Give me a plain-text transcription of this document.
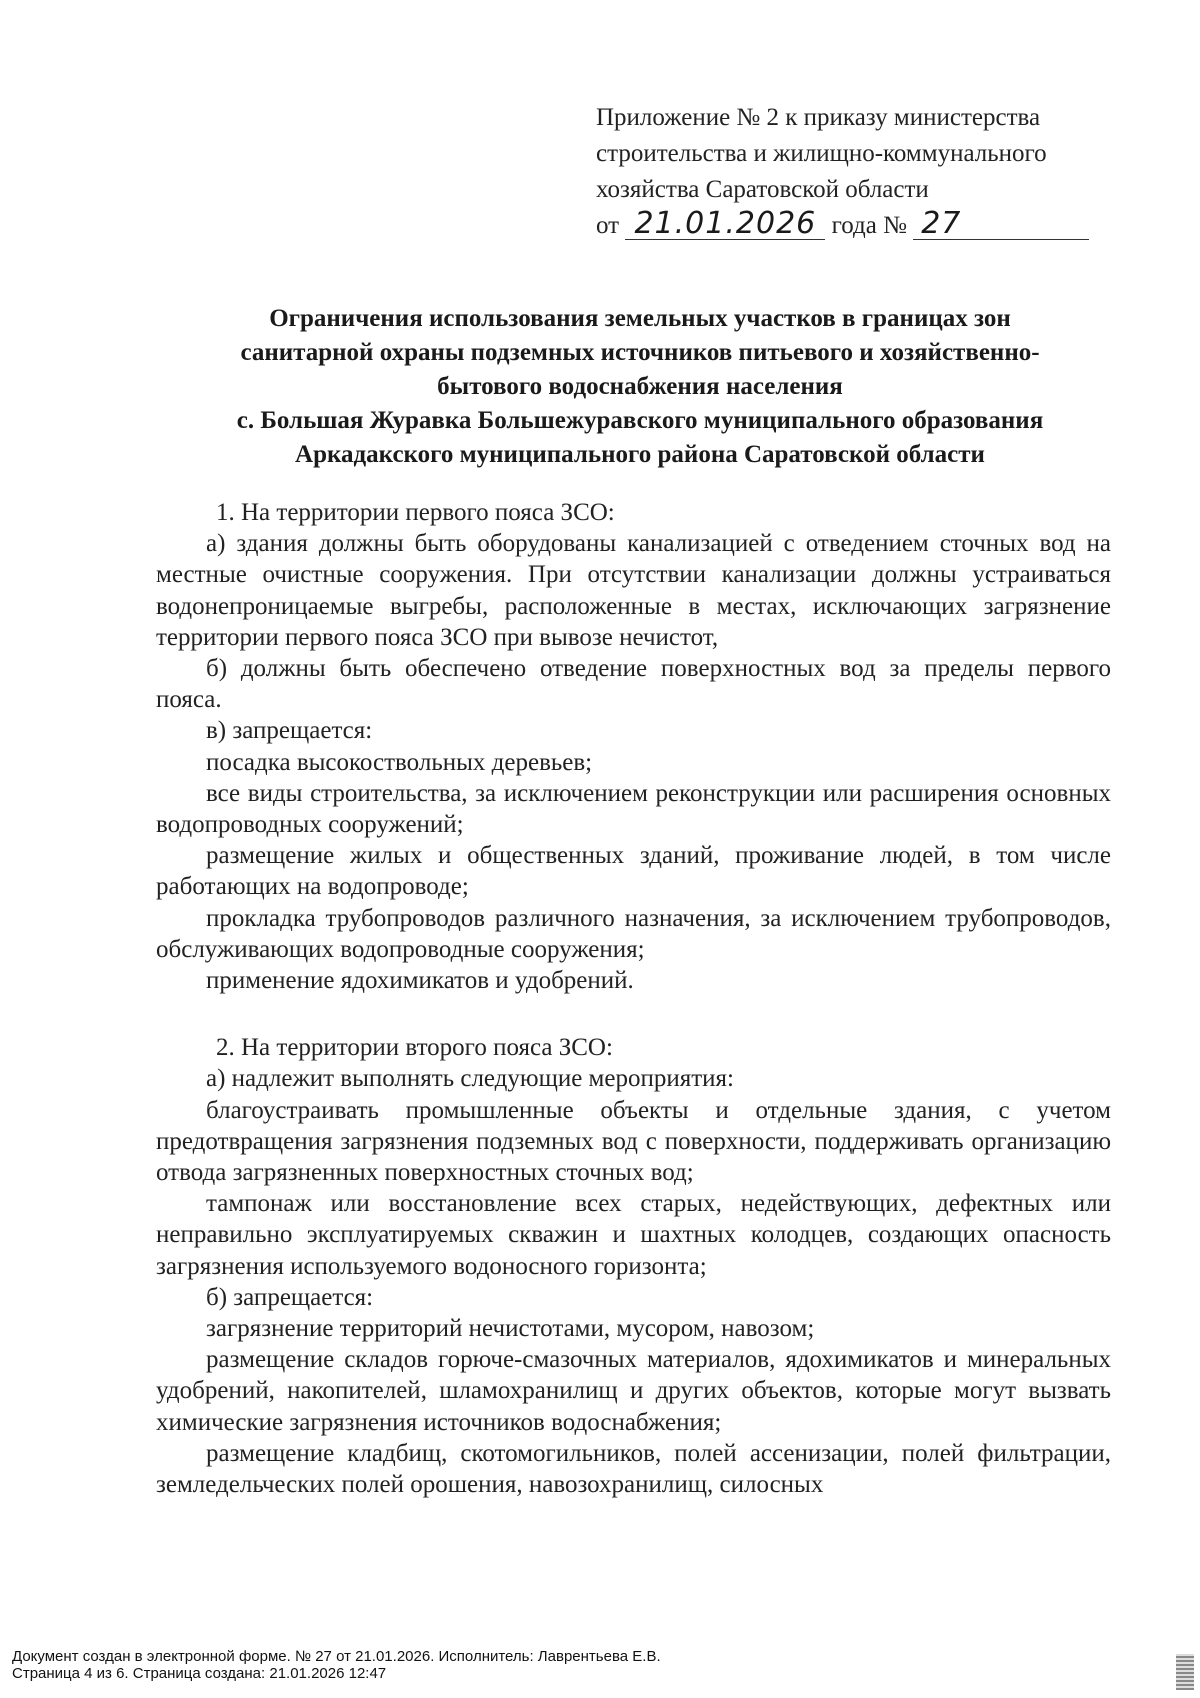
Приложение № 2 к приказу министерства
строительства и жилищно-коммунального
хозяйства Саратовской области
от 21.01.2026 года № 27
Ограничения использования земельных участков в границах зон
санитарной охраны подземных источников питьевого и хозяйственно-
бытового водоснабжения населения
с. Большая Журавка Большежуравского муниципального образования
Аркадакского муниципального района Саратовской области

1. На территории первого пояса ЗСО:

а) здания должны быть оборудованы канализацией с отведением сточных вод на местные очистные сооружения. При отсутствии канализации должны устраиваться водонепроницаемые выгребы, расположенные в местах, исключающих загрязнение территории первого пояса ЗСО при вывозе нечистот,

б) должны быть обеспечено отведение поверхностных вод за пределы первого пояса.

в) запрещается:

посадка высокоствольных деревьев;

все виды строительства, за исключением реконструкции или расширения основных водопроводных сооружений;

размещение жилых и общественных зданий, проживание людей, в том числе работающих на водопроводе;

прокладка трубопроводов различного назначения, за исключением трубопроводов, обслуживающих водопроводные сооружения;

применение ядохимикатов и удобрений.

2. На территории второго пояса ЗСО:

а) надлежит выполнять следующие мероприятия:

благоустраивать промышленные объекты и отдельные здания, с учетом предотвращения загрязнения подземных вод с поверхности, поддерживать организацию отвода загрязненных поверхностных сточных вод;

тампонаж или восстановление всех старых, недействующих, дефектных или неправильно эксплуатируемых скважин и шахтных колодцев, создающих опасность загрязнения используемого водоносного горизонта;

б) запрещается:

загрязнение территорий нечистотами, мусором, навозом;

размещение складов горюче-смазочных материалов, ядохимикатов и минеральных удобрений, накопителей, шламохранилищ и других объектов, которые могут вызвать химические загрязнения источников водоснабжения;

размещение кладбищ, скотомогильников, полей ассенизации, полей фильтрации, земледельческих полей орошения, навозохранилищ, силосных

Документ создан в электронной форме. № 27 от 21.01.2026. Исполнитель: Лаврентьева Е.В.
Страница 4 из 6. Страница создана: 21.01.2026 12:47
